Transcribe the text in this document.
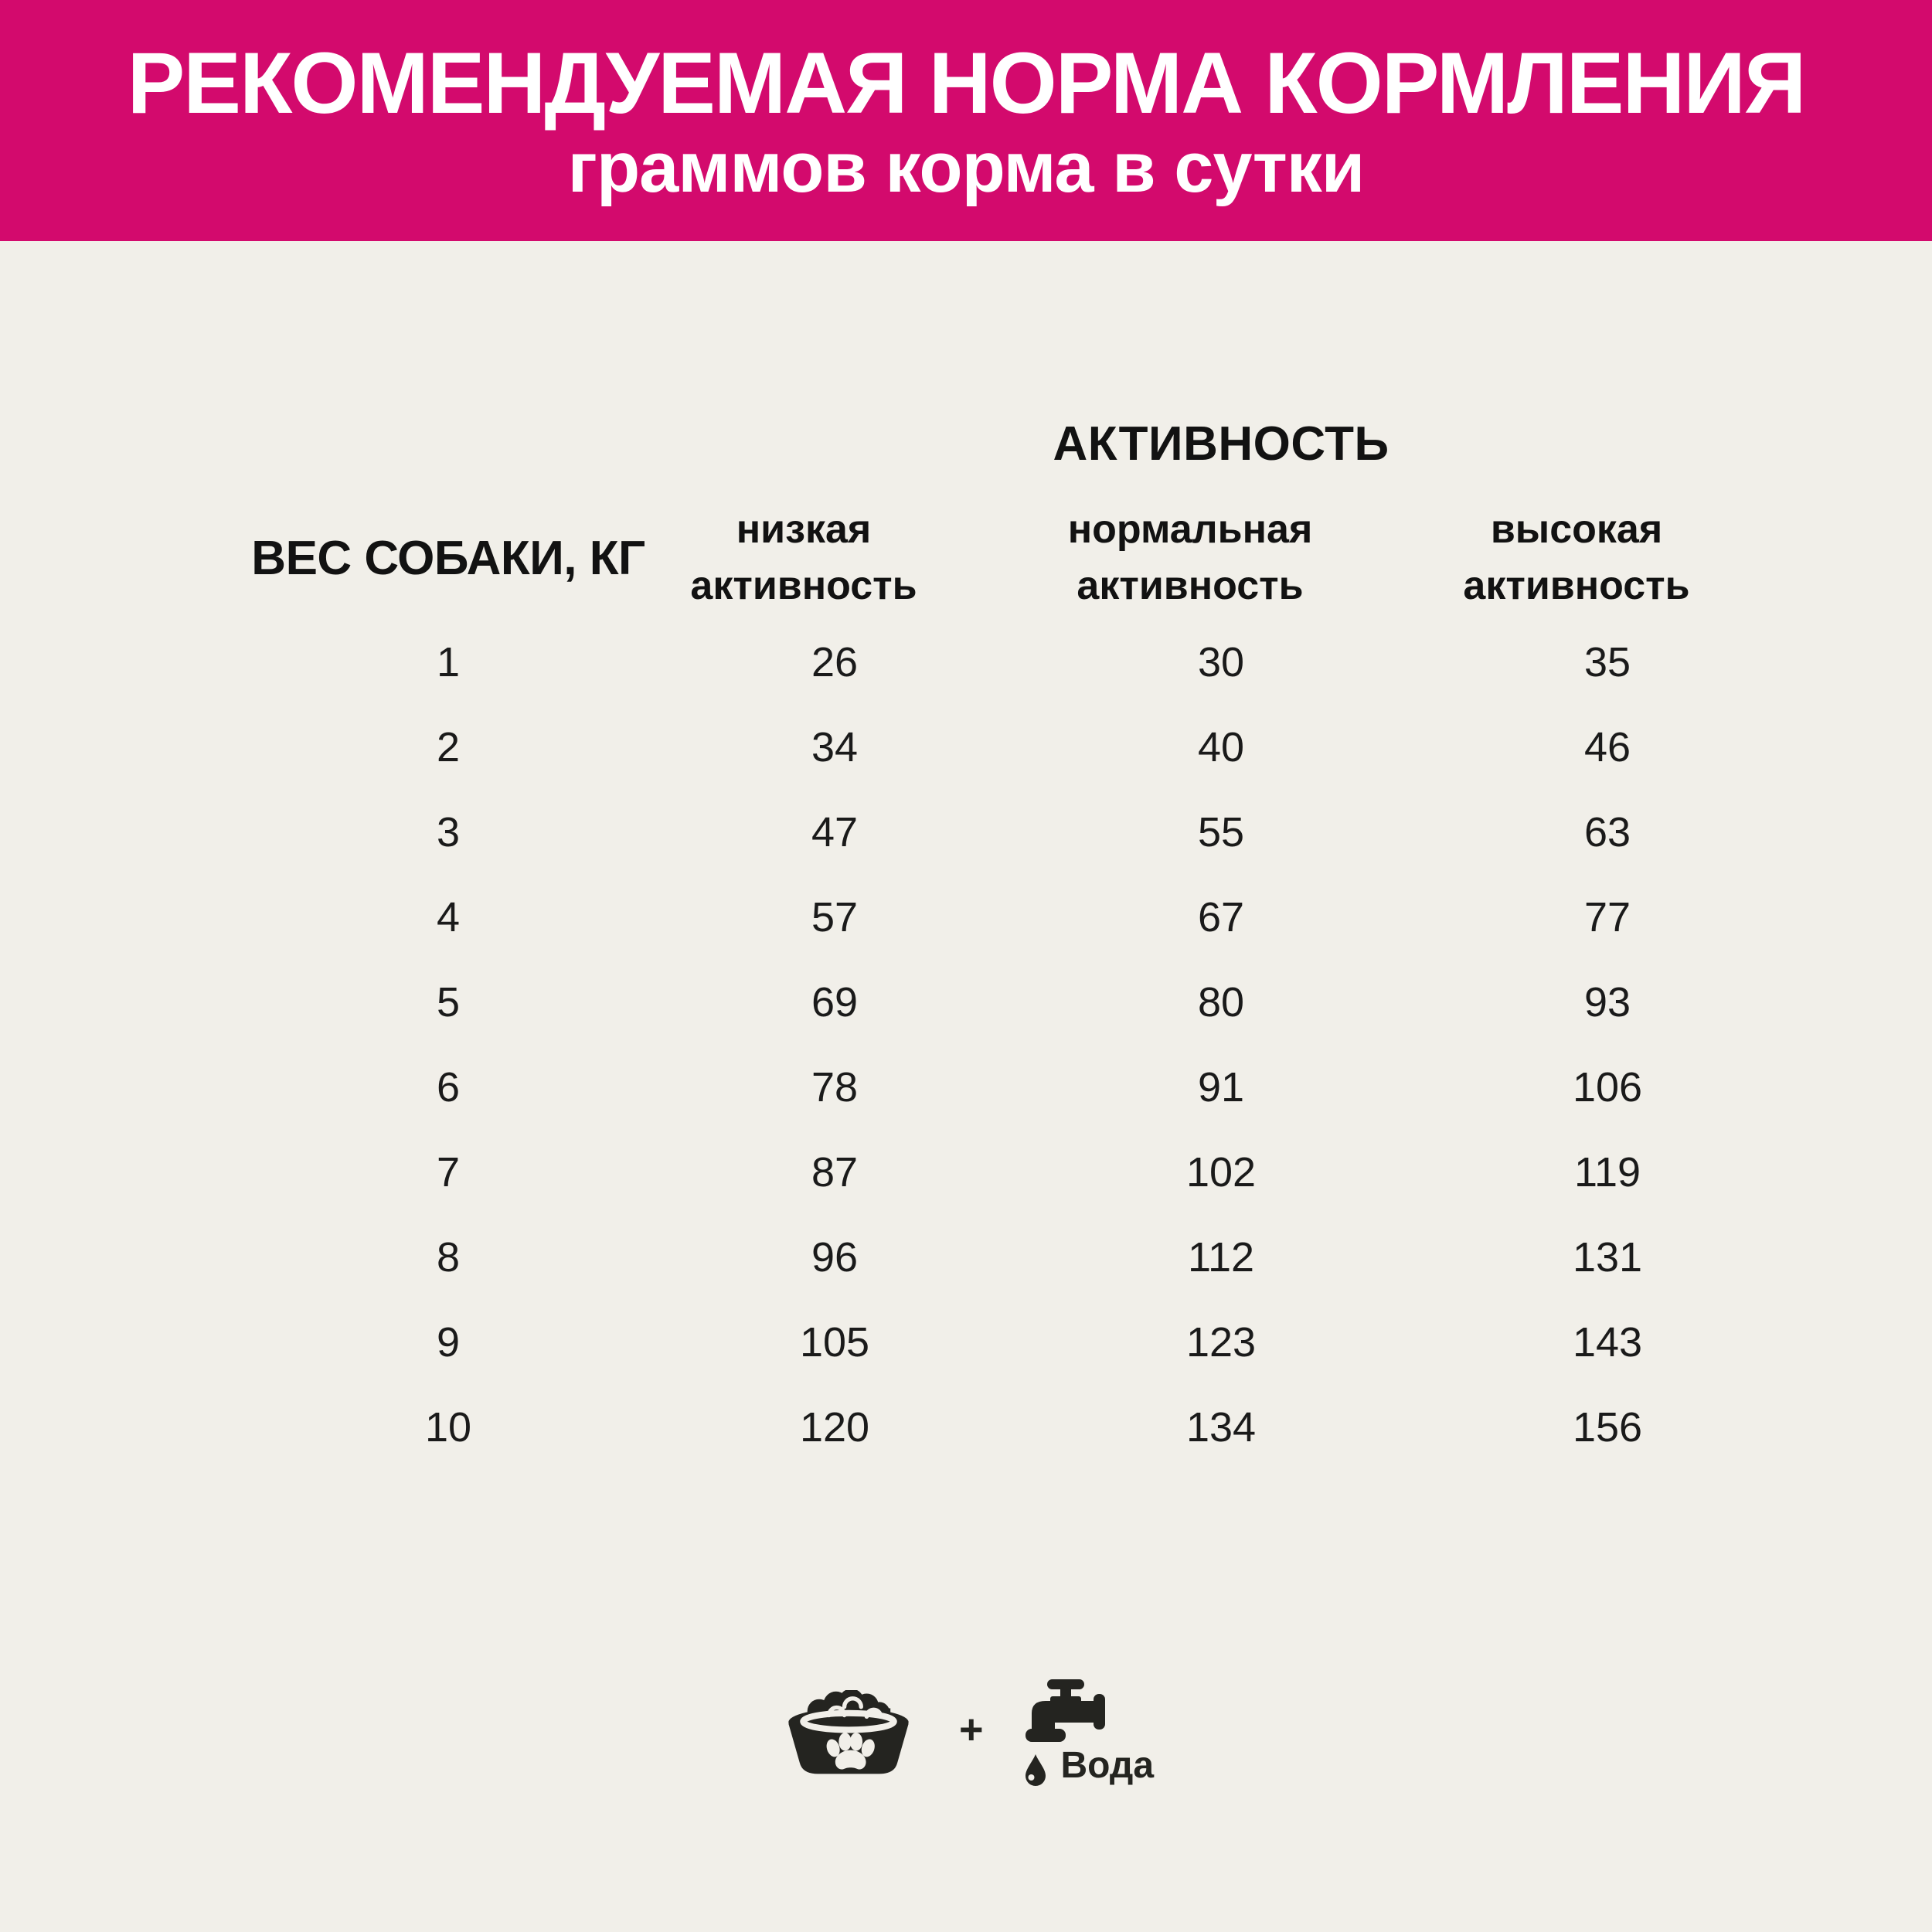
РЕКОМЕНДУЕМАЯ НОРМА КОРМЛЕНИЯ
граммов корма в сутки
АКТИВНОСТЬ
ВЕС СОБАКИ, КГ
низкая активность
нормальная активность
высокая активность
1	26	30	35
2	34	40	46
3	47	55	63
4	57	67	77
5	69	80	93
6	78	91	106
7	87	102	119
8	96	112	131
9	105	123	143
10	120	134	156
+
Вода
